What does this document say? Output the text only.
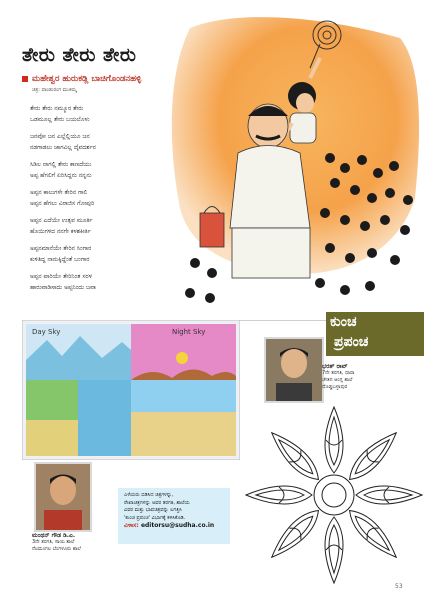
ತೇರು ತೇರು ತೇರು
ಮಹೇಶ್ವರ ಹುರುಕಡ್ಲಿ ಬಾಚಿಗೊಂಡನಹಳ್ಳಿ
ಚಿತ್ರ: ಪಾಂಡುರಂಗ ಮುಕಿಮ್ಮ
ತೇರು ತೇರು ನಮ್ಮೂರ ತೇರು
ಒಡಮೂಲ್ಲ ತೇರು ಬಯಲೊಳು
ಜನವೋ ಜನ ಎಲ್ಲೆಲ್ಲಿಯೂ ಜನ
ನಡಗಾಡಲು ಜಾಗವಿಲ್ಲ ದೈವದರ್ಶನ
ಸಿಡಿಲ ನಾಗಲ್ಲಿ ತೇರು ಕಾಣದೆಯು
ಅಪ್ಪ ಹೆಗಲಿಗೆ ಏರಿಸಿದ್ದನು ನನ್ನನು
ಅಪ್ಪನ ಕಾಲುಗಳೇ ತೇರಿನ ಗಾಲಿ
ಅಪ್ಪನ ಹೆಗಲು ವಿರಾಜಿಸ ಗೋಪುರಿ
ಅಪ್ಪನ ಎದೆಯೇ ಉತ್ಸವ ಮೂರ್ತಿ
ಹೊಯಿಗಳಿದ ನನಗೇ ಕಳಶಕೀರ್ತಿ
ಅಪ್ಪನಮಾನೆಯೇ ತೇರಿನ ಸಿಂಗಾರ
ಕುಳಿತಿದ್ದ ನಾನುಕ್ಕಿದ್ದೆಂತೆ ಬಂಗಾರ
ಅಪ್ಪನ ಪಾರಿಯೇ ತೇರಿನಿಂತ ಸರಳ
ಹಾರುವಾಡಿಸಾದು ಅಪ್ಪನಿಂದು ಜವಾ
Day Sky	Night Sky
ಕುಂಚ
ಪ್ರಪಂಚ
ಭರತ್ ರಾವ್
7ನೇ ತರಗತಿ, ಧಾರಾ
ಚೇತನ ಆಂಗ್ಲ ಶಾಲೆ
ದೊಡ್ಡಬಳ್ಳಾಪುರ
ಮಂಥನ್ ಗೌಡ ಡಿ.ಎ.
3ನೇ ತರಗತಿ, ಸಾಯಿ ಶಾಲೆ
ನೆಲಮಂಗಲ ಬೆಂಗಳೂರು ಶಾಲೆ
ಎಳೆಯರು ಬಿಡಿಸಿದ ಚಿತ್ರಗಳನ್ನು,
ರೇಖಾಚಿತ್ರಗಳನ್ನು ಅವರ ತರಗತಿ, ಶಾಲೆಯ
ವಿವರ ಮತ್ತು ಭಾವಚಿತ್ರವನ್ನು ಲಗತ್ತಿಸಿ
'ಕುಂಚ ಪ್ರಪಂಚ' ವಿಭಾಗಕ್ಕೆ ಕಳಿಸಿಕೊಡಿ.
ವಿಳಾಸ: editorsu@sudha.co.in
53
